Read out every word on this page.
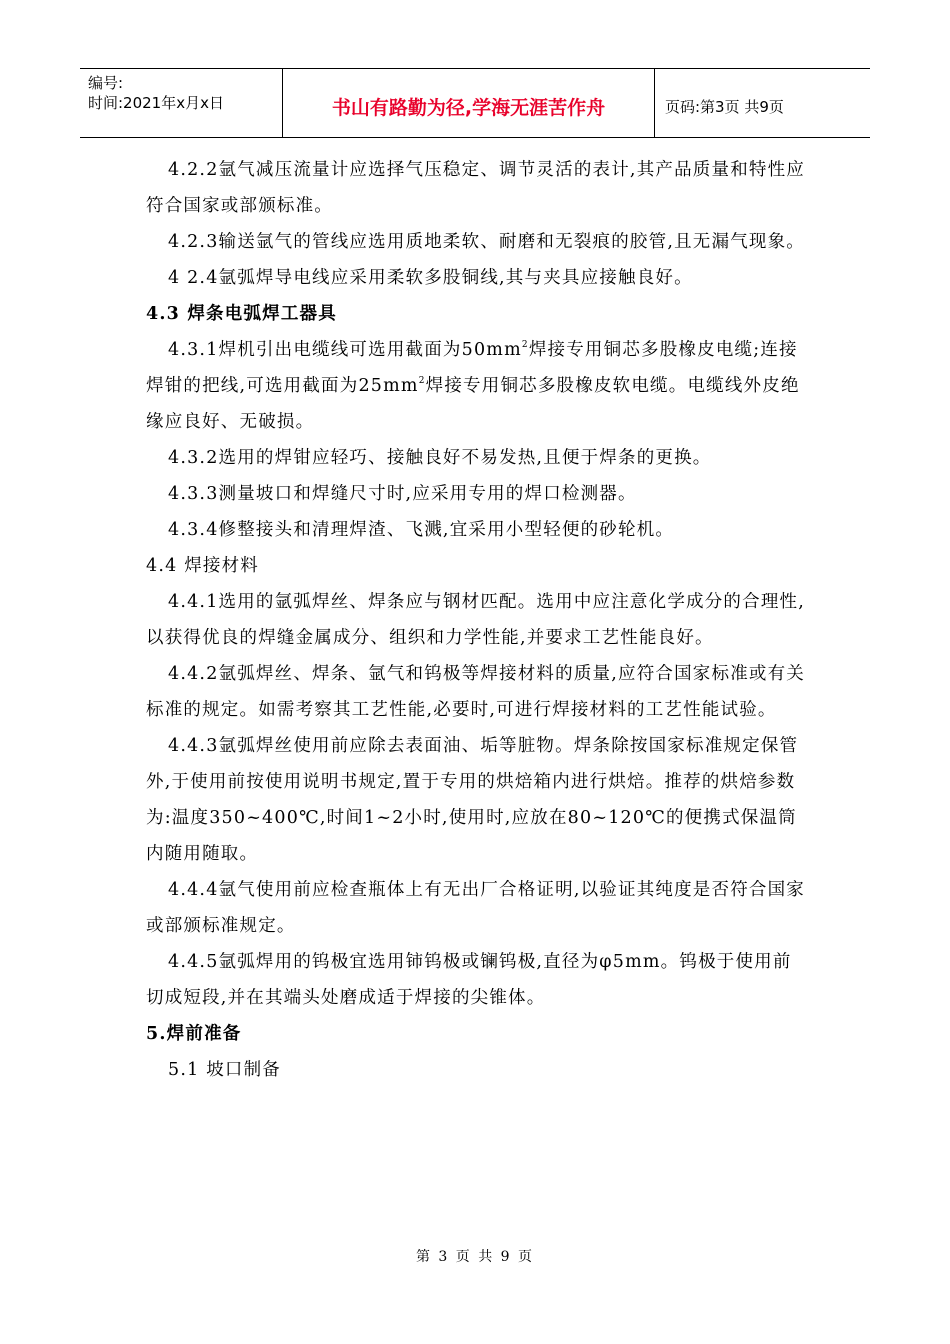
编号:
时间:2021年x月x日	书山有路勤为径,学海无涯苦作舟	页码:第3页 共9页

4.2.2氩气减压流量计应选择气压稳定、调节灵活的表计,其产品质量和特性应符合国家或部颁标准。

4.2.3输送氩气的管线应选用质地柔软、耐磨和无裂痕的胶管,且无漏气现象。

4 2.4氩弧焊导电线应采用柔软多股铜线,其与夹具应接触良好。

4.3 焊条电弧焊工器具

4.3.1焊机引出电缆线可选用截面为$50mm^2$焊接专用铜芯多股橡皮电缆;连接焊钳的把线,可选用截面为$25mm^2$焊接专用铜芯多股橡皮软电缆。电缆线外皮绝缘应良好、无破损。

4.3.2选用的焊钳应轻巧、接触良好不易发热,且便于焊条的更换。

4.3.3测量坡口和焊缝尺寸时,应采用专用的焊口检测器。

4.3.4修整接头和清理焊渣、飞溅,宜采用小型轻便的砂轮机。

4.4 焊接材料

4.4.1选用的氩弧焊丝、焊条应与钢材匹配。选用中应注意化学成分的合理性,以获得优良的焊缝金属成分、组织和力学性能,并要求工艺性能良好。

4.4.2氩弧焊丝、焊条、氩气和钨极等焊接材料的质量,应符合国家标准或有关标准的规定。如需考察其工艺性能,必要时,可进行焊接材料的工艺性能试验。

4.4.3氩弧焊丝使用前应除去表面油、垢等脏物。焊条除按国家标准规定保管外,于使用前按使用说明书规定,置于专用的烘焙箱内进行烘焙。推荐的烘焙参数为:温度350~400℃,时间1~2小时,使用时,应放在80~120℃的便携式保温筒内随用随取。

4.4.4氩气使用前应检查瓶体上有无出厂合格证明,以验证其纯度是否符合国家或部颁标准规定。

4.4.5氩弧焊用的钨极宜选用铈钨极或镧钨极,直径为φ5mm。钨极于使用前切成短段,并在其端头处磨成适于焊接的尖锥体。

5.焊前准备

5.1 坡口制备

第 3 页 共 9 页
